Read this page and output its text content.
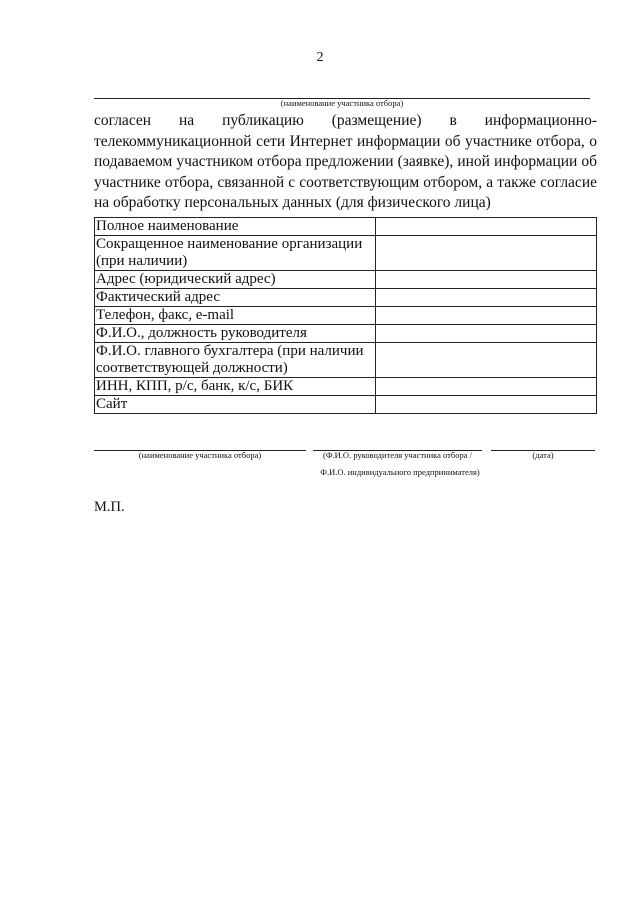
2
(наименование участника отбора)
согласен на публикацию (размещение) в информационно-телекоммуникационной сети Интернет информации об участнике отбора, о подаваемом участником отбора предложении (заявке), иной информации об участнике отбора, связанной с соответствующим отбором, а также согласие на обработку персональных данных (для физического лица)
Полное наименование	
Сокращенное наименование организации (при наличии)	
Адрес (юридический адрес)	
Фактический адрес	
Телефон, факс, e-mail	
Ф.И.О., должность руководителя	
Ф.И.О. главного бухгалтера (при наличии соответствующей должности)	
ИНН, КПП, р/с, банк, к/с, БИК	
Сайт	
(наименование участника отбора)	(Ф.И.О. руководителя участника отбора /
Ф.И.О. индивидуального предпринимателя)
(дата)
М.П.
